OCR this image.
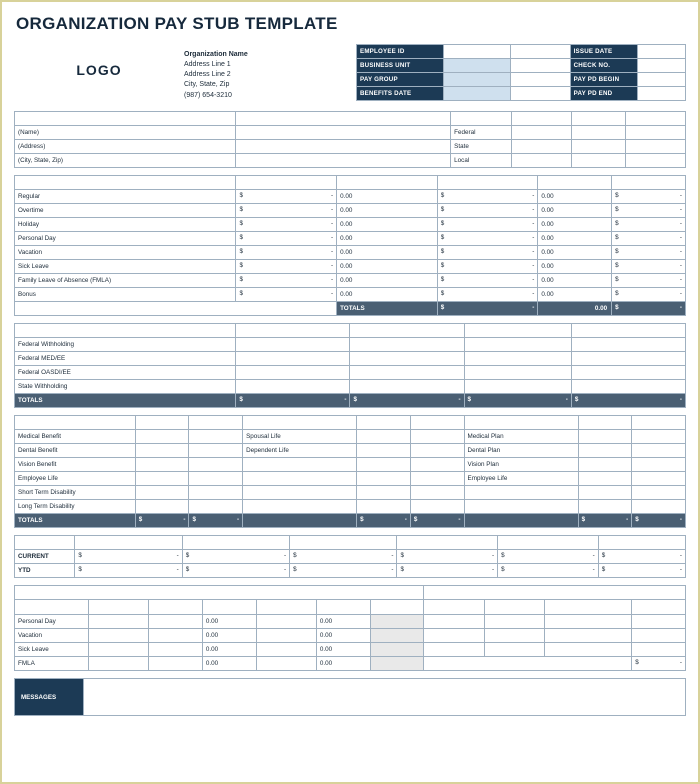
ORGANIZATION PAY STUB TEMPLATE
LOGO
Organization Name
Address Line 1
Address Line 2
City, State, Zip
(987) 654-3210
EMPLOYEE ID			ISSUE DATE	
BUSINESS UNIT			CHECK NO.	
PAY GROUP			PAY PD BEGIN	
BENEFITS DATE			PAY PD END	
EMPLOYEE INFORMATION	DEPARTMENTS / ORGANIZATIONS	TAX TYPE	FILING STATUS	ALLOWANCES	ADD'L AMOUNT
(Name)		Federal			
(Address)		State			
(City, State, Zip)		Local			
PAY DESCRIPTION	CURRENT RATE	CURRENT HOURS	CURRENT PAY	YTD HOURS	YTD PAY
Regular	$ -	0.00	$ -	0.00	$ -

Overtime	$ -	0.00	$ -	0.00	$ -

Holiday	$ -	0.00	$ -	0.00	$ -

Personal Day	$ -	0.00	$ -	0.00	$ -

Vacation	$ -	0.00	$ -	0.00	$ -

Sick Leave	$ -	0.00	$ -	0.00	$ -

Family Leave of Absence (FMLA)	$ -	0.00	$ -	0.00	$ -

Bonus	$ -	0.00	$ -	0.00	$ -

		TOTALS	$ -	0.00	$ -
TAX DESCRIPTION	CURRENT TAXABLE PAY	YTD TAXABLE PAY	CURRENT TAXES	YTD TAXES
Federal Withholding				
Federal MED/EE				
Federal OASDI/EE				
State Withholding				
TOTALS	$ -	$ -	$ -	$ -
BEFORE-TAX DEDUCTIONS	CURRENT	YTD	AFTER-TAX DEDUCTIONS	CURRENT	YTD	EMPLOYER PAID BENEFITS	CURRENT	YTD
Medical Benefit			Spousal Life			Medical Plan		
Dental Benefit			Dependent Life			Dental Plan		
Vision Benefit						Vision Plan		
Employee Life						Employee Life		
Short Term Disability								
Long Term Disability								
TOTALS	$ -	$ -		$ -	$ -		$ -	$ -
	TOTAL GROSS PAY	FEDERAL TAXABLE GROSS	STATE TAXABLE GROSS	TOTAL TAXES	TOTAL DEDUCTIONS	NET PAY
CURRENT	$ -	$ -	$ -	$ -	$ -	$ -

YTD	$ -	$ -	$ -	$ -	$ -	$ -
BALANCES							DISTRIBUTION OF NET PAY			
LEAVE TYPE	START BALANCE	EARNED	SPENT	ADJUSTMENTS	END BALANCE	MAX CARRY	PYMNT TYPE	ACCT TYPE	ACCOUNT NUMBER	DEPOSIT AMT
Personal Day			0.00		0.00					
Vacation			0.00		0.00					
Sick Leave			0.00		0.00					
FMLA			0.00		0.00		TOTAL NET PAY			$ -
MESSAGES
